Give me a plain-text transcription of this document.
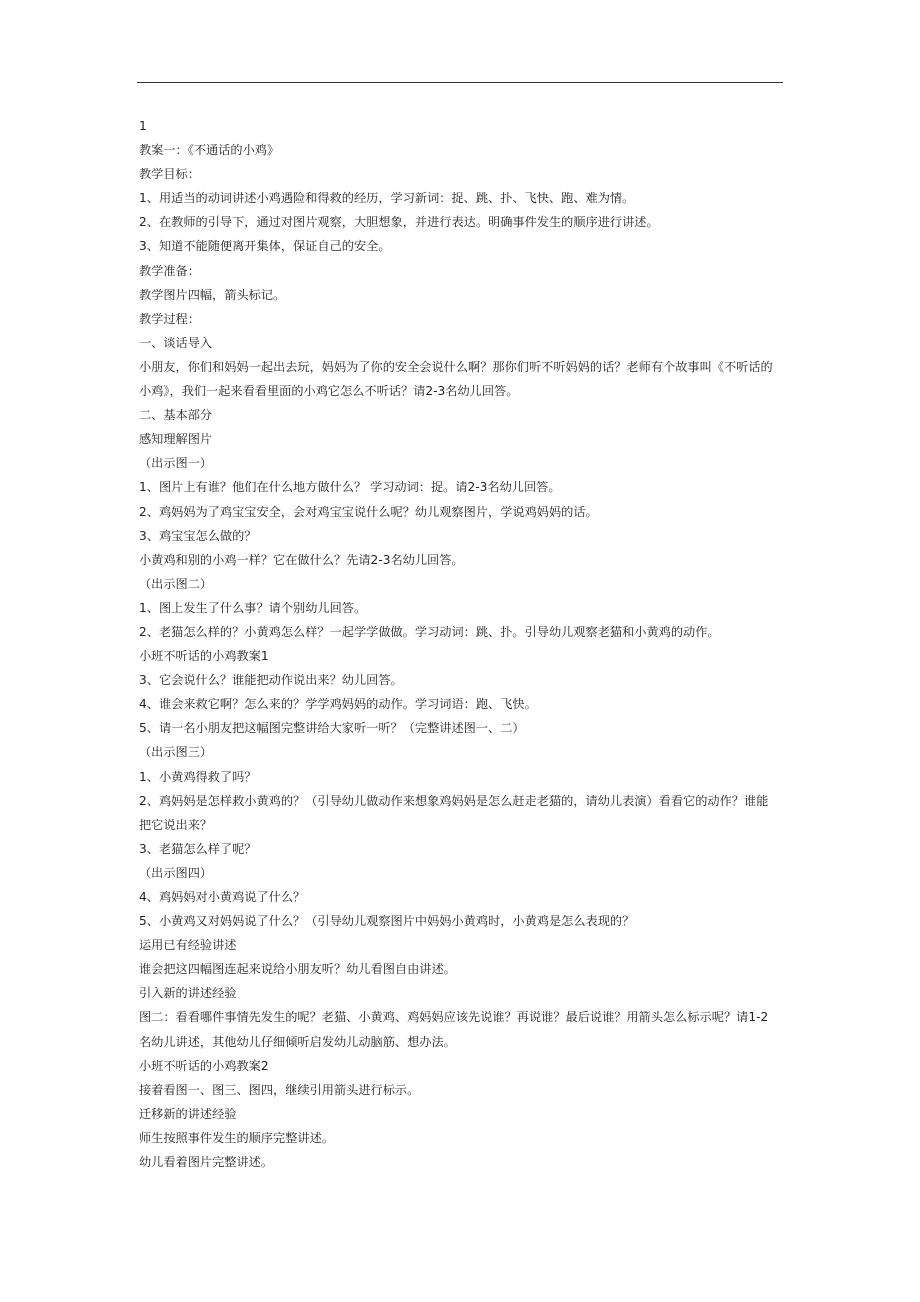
1
教案一：《不通话的小鸡》
教学目标：
1、用适当的动词讲述小鸡遇险和得救的经历，学习新词：捉、跳、扑、飞快、跑、难为情。
2、在教师的引导下，通过对图片观察，大胆想象，并进行表达。明确事件发生的顺序进行讲述。
3、知道不能随便离开集体，保证自己的安全。
教学准备：
教学图片四幅，箭头标记。
教学过程：
一、谈话导入
小朋友，你们和妈妈一起出去玩，妈妈为了你的安全会说什么啊？那你们听不听妈妈的话？老师有个故事叫《不听话的
小鸡》，我们一起来看看里面的小鸡它怎么不听话？请2-3名幼儿回答。
二、基本部分
感知理解图片
（出示图一）
1、图片上有谁？他们在什么地方做什么？ 学习动词：捉。请2-3名幼儿回答。
2、鸡妈妈为了鸡宝宝安全，会对鸡宝宝说什么呢？幼儿观察图片，学说鸡妈妈的话。
3、鸡宝宝怎么做的？
小黄鸡和别的小鸡一样？它在做什么？先请2-3名幼儿回答。
（出示图二）
1、图上发生了什么事？请个别幼儿回答。
2、老猫怎么样的？小黄鸡怎么样？一起学学做做。学习动词：跳、扑。引导幼儿观察老猫和小黄鸡的动作。
小班不听话的小鸡教案1
3、它会说什么？谁能把动作说出来？幼儿回答。
4、谁会来救它啊？怎么来的？学学鸡妈妈的动作。学习词语：跑、飞快。
5、请一名小朋友把这幅图完整讲给大家听一听？（完整讲述图一、二）
（出示图三）
1、小黄鸡得救了吗？
2、鸡妈妈是怎样救小黄鸡的？（引导幼儿做动作来想象鸡妈妈是怎么赶走老猫的，请幼儿表演）看看它的动作？谁能
把它说出来？
3、老猫怎么样了呢？
（出示图四）
4、鸡妈妈对小黄鸡说了什么？
5、小黄鸡又对妈妈说了什么？（引导幼儿观察图片中妈妈小黄鸡时，小黄鸡是怎么表现的？
运用已有经验讲述
谁会把这四幅图连起来说给小朋友听？幼儿看图自由讲述。
引入新的讲述经验
图二：看看哪件事情先发生的呢？老猫、小黄鸡、鸡妈妈应该先说谁？再说谁？最后说谁？用箭头怎么标示呢？请1-2
名幼儿讲述，其他幼儿仔细倾听启发幼儿动脑筋、想办法。
小班不听话的小鸡教案2
接着看图一、图三、图四，继续引用箭头进行标示。
迁移新的讲述经验
师生按照事件发生的顺序完整讲述。
幼儿看着图片完整讲述。
